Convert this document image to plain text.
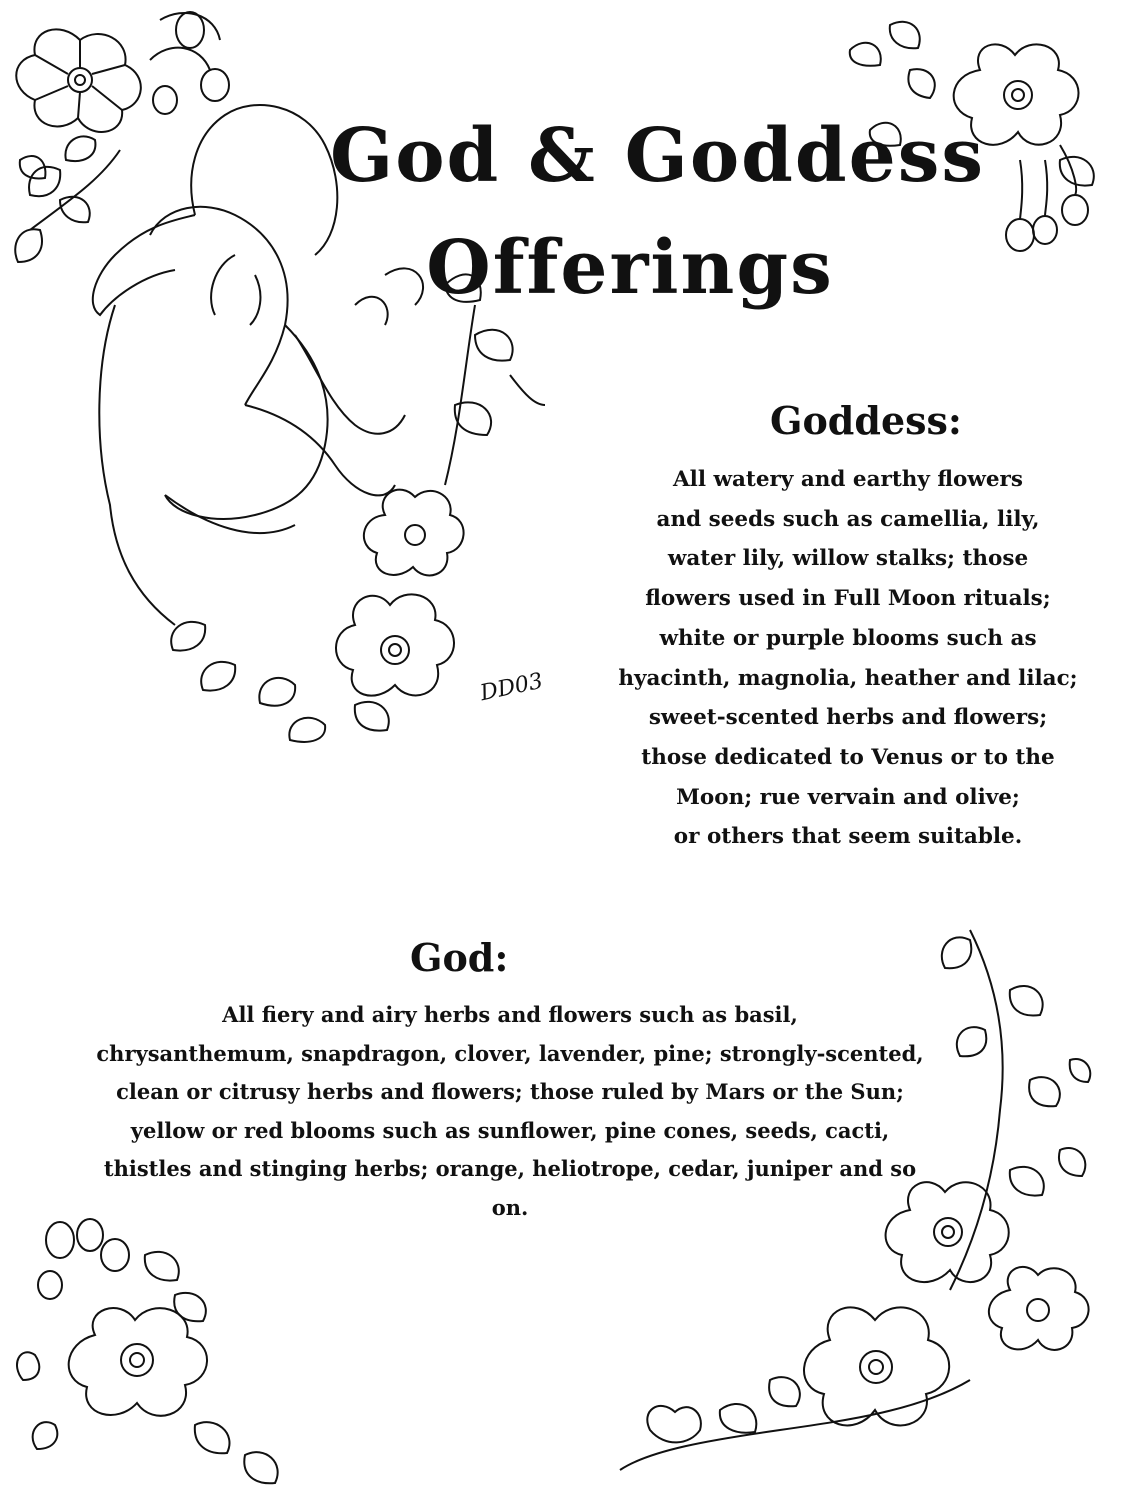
DD03
God & Goddess
Offerings
Goddess:
All watery and earthy flowers
and seeds such as camellia, lily,
water lily, willow stalks; those
flowers used in Full Moon rituals;
white or purple blooms such as
hyacinth, magnolia, heather and lilac;
sweet-scented herbs and flowers;
those dedicated to Venus or to the
Moon; rue vervain and olive;
or others that seem suitable.
God:
All fiery and airy herbs and flowers such as basil,
chrysanthemum, snapdragon, clover, lavender, pine; strongly-scented,
clean or citrusy herbs and flowers; those ruled by Mars or the Sun;
yellow or red blooms such as sunflower, pine cones, seeds, cacti,
thistles and stinging herbs; orange, heliotrope, cedar, juniper and so
on.
